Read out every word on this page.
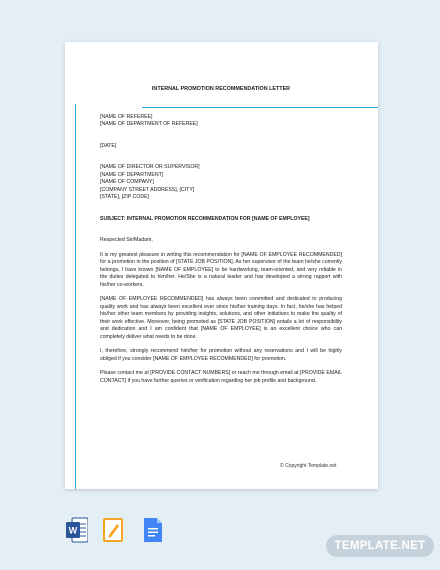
INTERNAL PROMOTION RECOMMENDATION LETTER
[NAME OF REFEREE]
[NAME OF DEPARTMENT OF REFEREE]
[DATE]
[NAME OF DIRECTOR OR SUPERVISOR]
[NAME OF DEPARTMENT]
[NAME OF COMPANY]
[COMPANY STREET ADDRESS], [CITY]
[STATE], [ZIP CODE]
SUBJECT: INTERNAL PROMOTION RECOMMENDATION FOR [NAME OF EMPLOYEE]
Respected Sir/Madam,
It is my greatest pleasure in writing this recommendation for [NAME OF EMPLOYEE RECOMMENDED] for a promotion in the position of [STATE JOB POSITION]. As her supervisor of the team he/she currently belongs, I have known [NAME OF EMPLOYEE] to be hardworking, team-oriented, and very reliable in the duties delegated to him/her. He/She is a natural leader and has developed a strong rapport with his/her co-workers.
[NAME OF EMPLOYEE RECOMMENDED] has always been committed and dedicated to producing quality work and has always been excellent ever since his/her training days. In fact, he/she has helped his/her other team members by providing insights, solutions, and other initiatives to make the quality of their work effective. Moreover, being promoted as [STATE JOB POSITION] entails a lot of responsibility and dedication and I am confident that [NAME OF EMPLOYEE] is an excellent choice who can completely deliver what needs to be done.
I, therefore, strongly recommend him/her for promotion without any reservations and I will be highly obliged if you consider [NAME OF EMPLOYEE RECOMMENDED] for promotion.
Please contact me at [PROVIDE CONTACT NUMBERS] or reach me through email at [PROVIDE EMAIL CONTACT] if you have further queries or verification regarding her job profile and background.
© Copyright Template.net
W
TEMPLATE.NET
